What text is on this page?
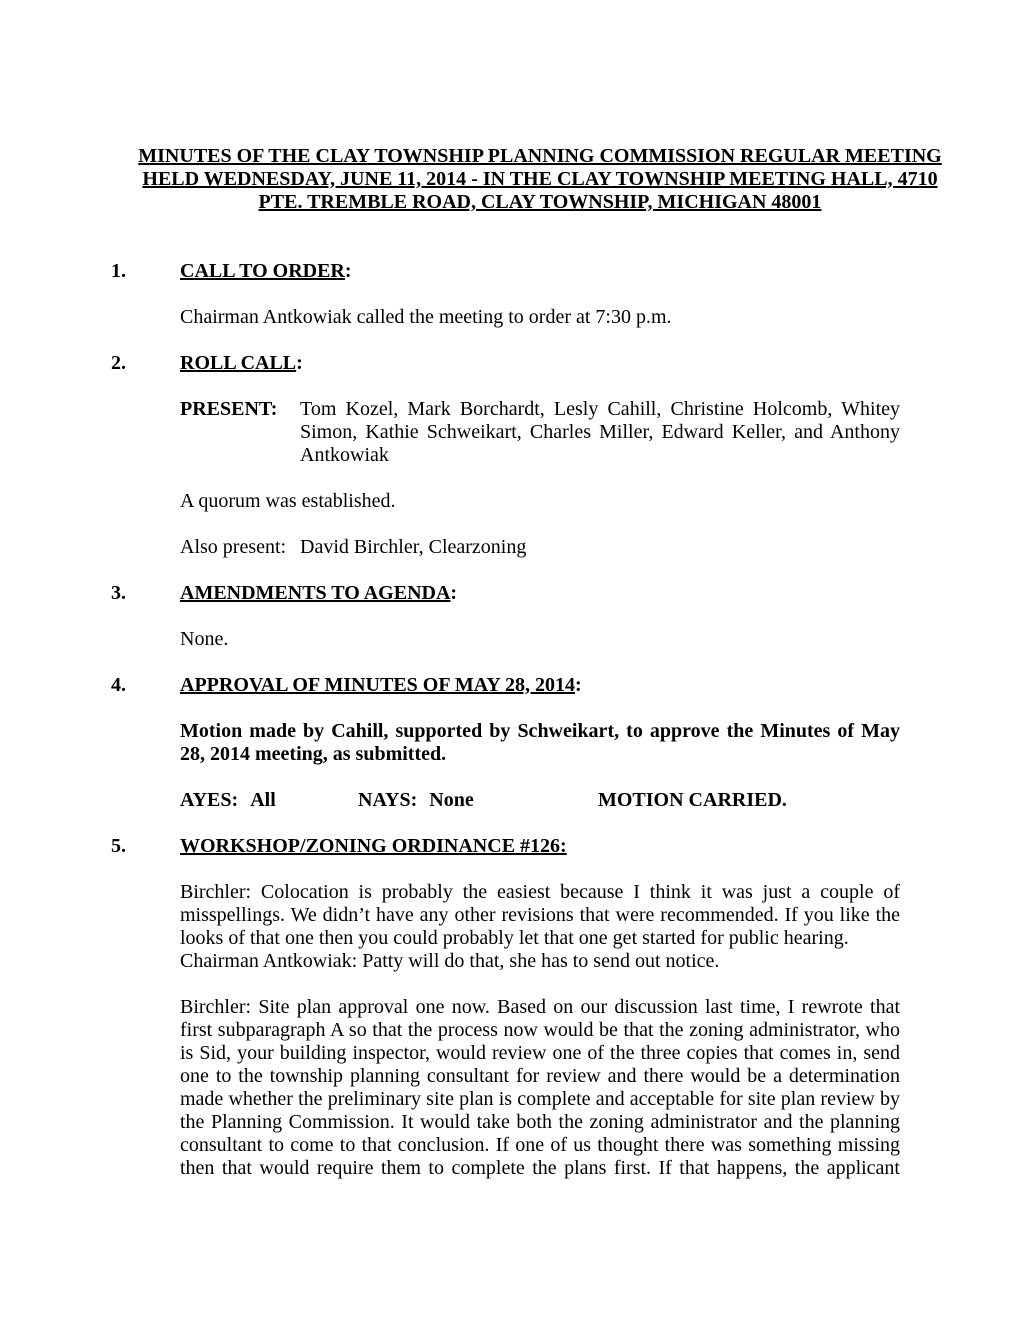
MINUTES OF THE CLAY TOWNSHIP PLANNING COMMISSION REGULAR MEETING
HELD WEDNESDAY, JUNE 11, 2014 - IN THE CLAY TOWNSHIP MEETING HALL, 4710
PTE. TREMBLE ROAD, CLAY TOWNSHIP, MICHIGAN 48001
1.	CALL TO ORDER:
Chairman Antkowiak called the meeting to order at 7:30 p.m.
2.	ROLL CALL:
PRESENT:	Tom Kozel, Mark Borchardt, Lesly Cahill, Christine Holcomb, Whitey
Simon, Kathie Schweikart, Charles Miller, Edward Keller, and Anthony
Antkowiak
A quorum was established.
Also present: David Birchler, Clearzoning
3.	AMENDMENTS TO AGENDA:
None.
4.	APPROVAL OF MINUTES OF MAY 28, 2014:
Motion made by Cahill, supported by Schweikart, to approve the Minutes of May
28, 2014 meeting, as submitted.
AYES: All	NAYS: None	MOTION CARRIED.
5.	WORKSHOP/ZONING ORDINANCE #126:
Birchler: Colocation is probably the easiest because I think it was just a couple of
misspellings. We didn’t have any other revisions that were recommended. If you like the
looks of that one then you could probably let that one get started for public hearing.
Chairman Antkowiak: Patty will do that, she has to send out notice.
Birchler: Site plan approval one now. Based on our discussion last time, I rewrote that
first subparagraph A so that the process now would be that the zoning administrator, who
is Sid, your building inspector, would review one of the three copies that comes in, send
one to the township planning consultant for review and there would be a determination
made whether the preliminary site plan is complete and acceptable for site plan review by
the Planning Commission. It would take both the zoning administrator and the planning
consultant to come to that conclusion. If one of us thought there was something missing
then that would require them to complete the plans first. If that happens, the applicant
